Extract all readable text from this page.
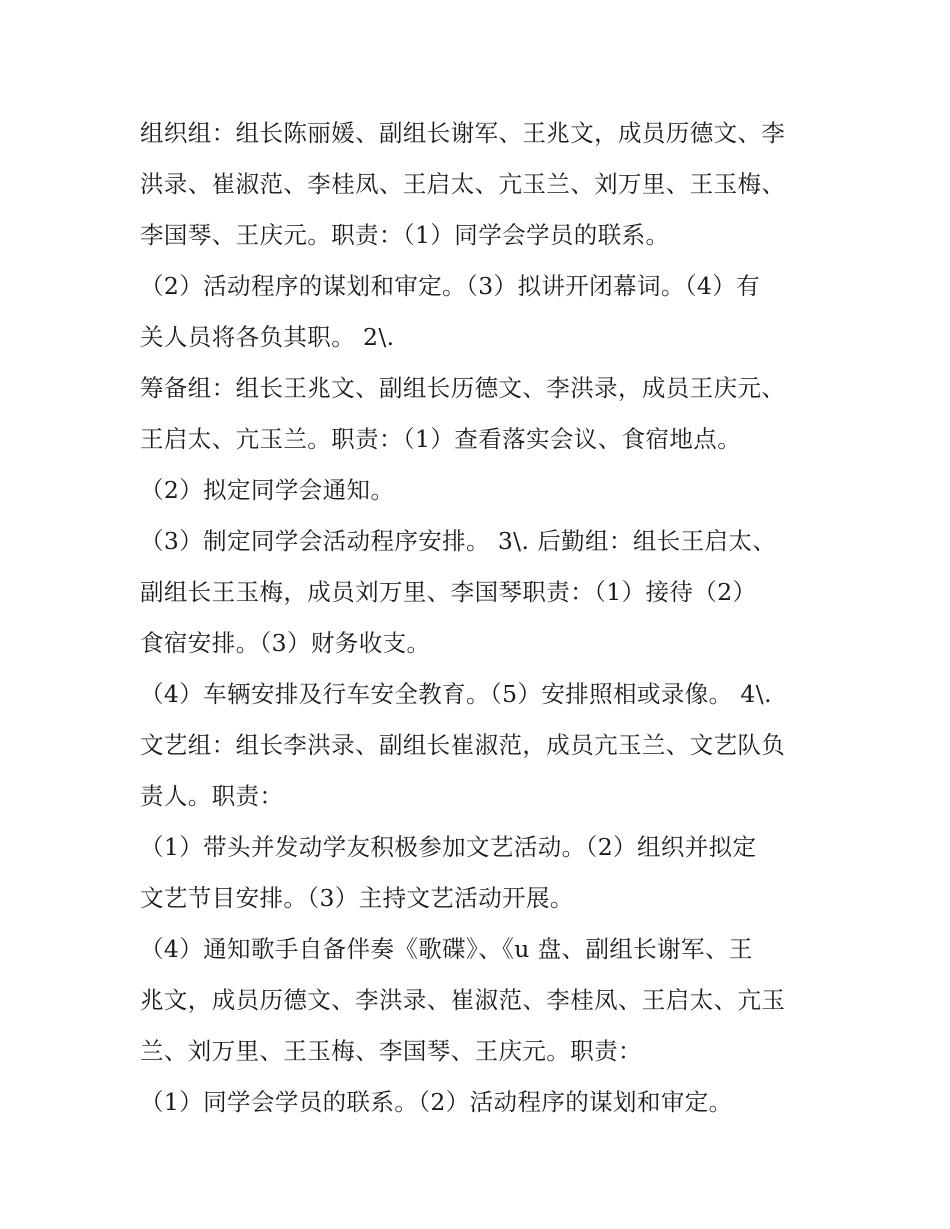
组织组：组长陈丽媛、副组长谢军、王兆文，成员历德文、李
洪录、崔淑范、李桂凤、王启太、亢玉兰、刘万里、王玉梅、
李国琴、王庆元。职责：（1）同学会学员的联系。
（2）活动程序的谋划和审定。（3）拟讲开闭幕词。（4）有
关人员将各负其职。 2\.
筹备组：组长王兆文、副组长历德文、李洪录，成员王庆元、
王启太、亢玉兰。职责：（1）查看落实会议、食宿地点。
（2）拟定同学会通知。
（3）制定同学会活动程序安排。 3\. 后勤组：组长王启太、
副组长王玉梅，成员刘万里、李国琴职责：（1）接待（2）
食宿安排。（3）财务收支。
（4）车辆安排及行车安全教育。（5）安排照相或录像。 4\.
文艺组：组长李洪录、副组长崔淑范，成员亢玉兰、文艺队负
责人。职责：
（1）带头并发动学友积极参加文艺活动。（2）组织并拟定
文艺节目安排。（3）主持文艺活动开展。
（4）通知歌手自备伴奏《歌碟》、《u 盘、副组长谢军、王
兆文，成员历德文、李洪录、崔淑范、李桂凤、王启太、亢玉
兰、刘万里、王玉梅、李国琴、王庆元。职责：
（1）同学会学员的联系。（2）活动程序的谋划和审定。
